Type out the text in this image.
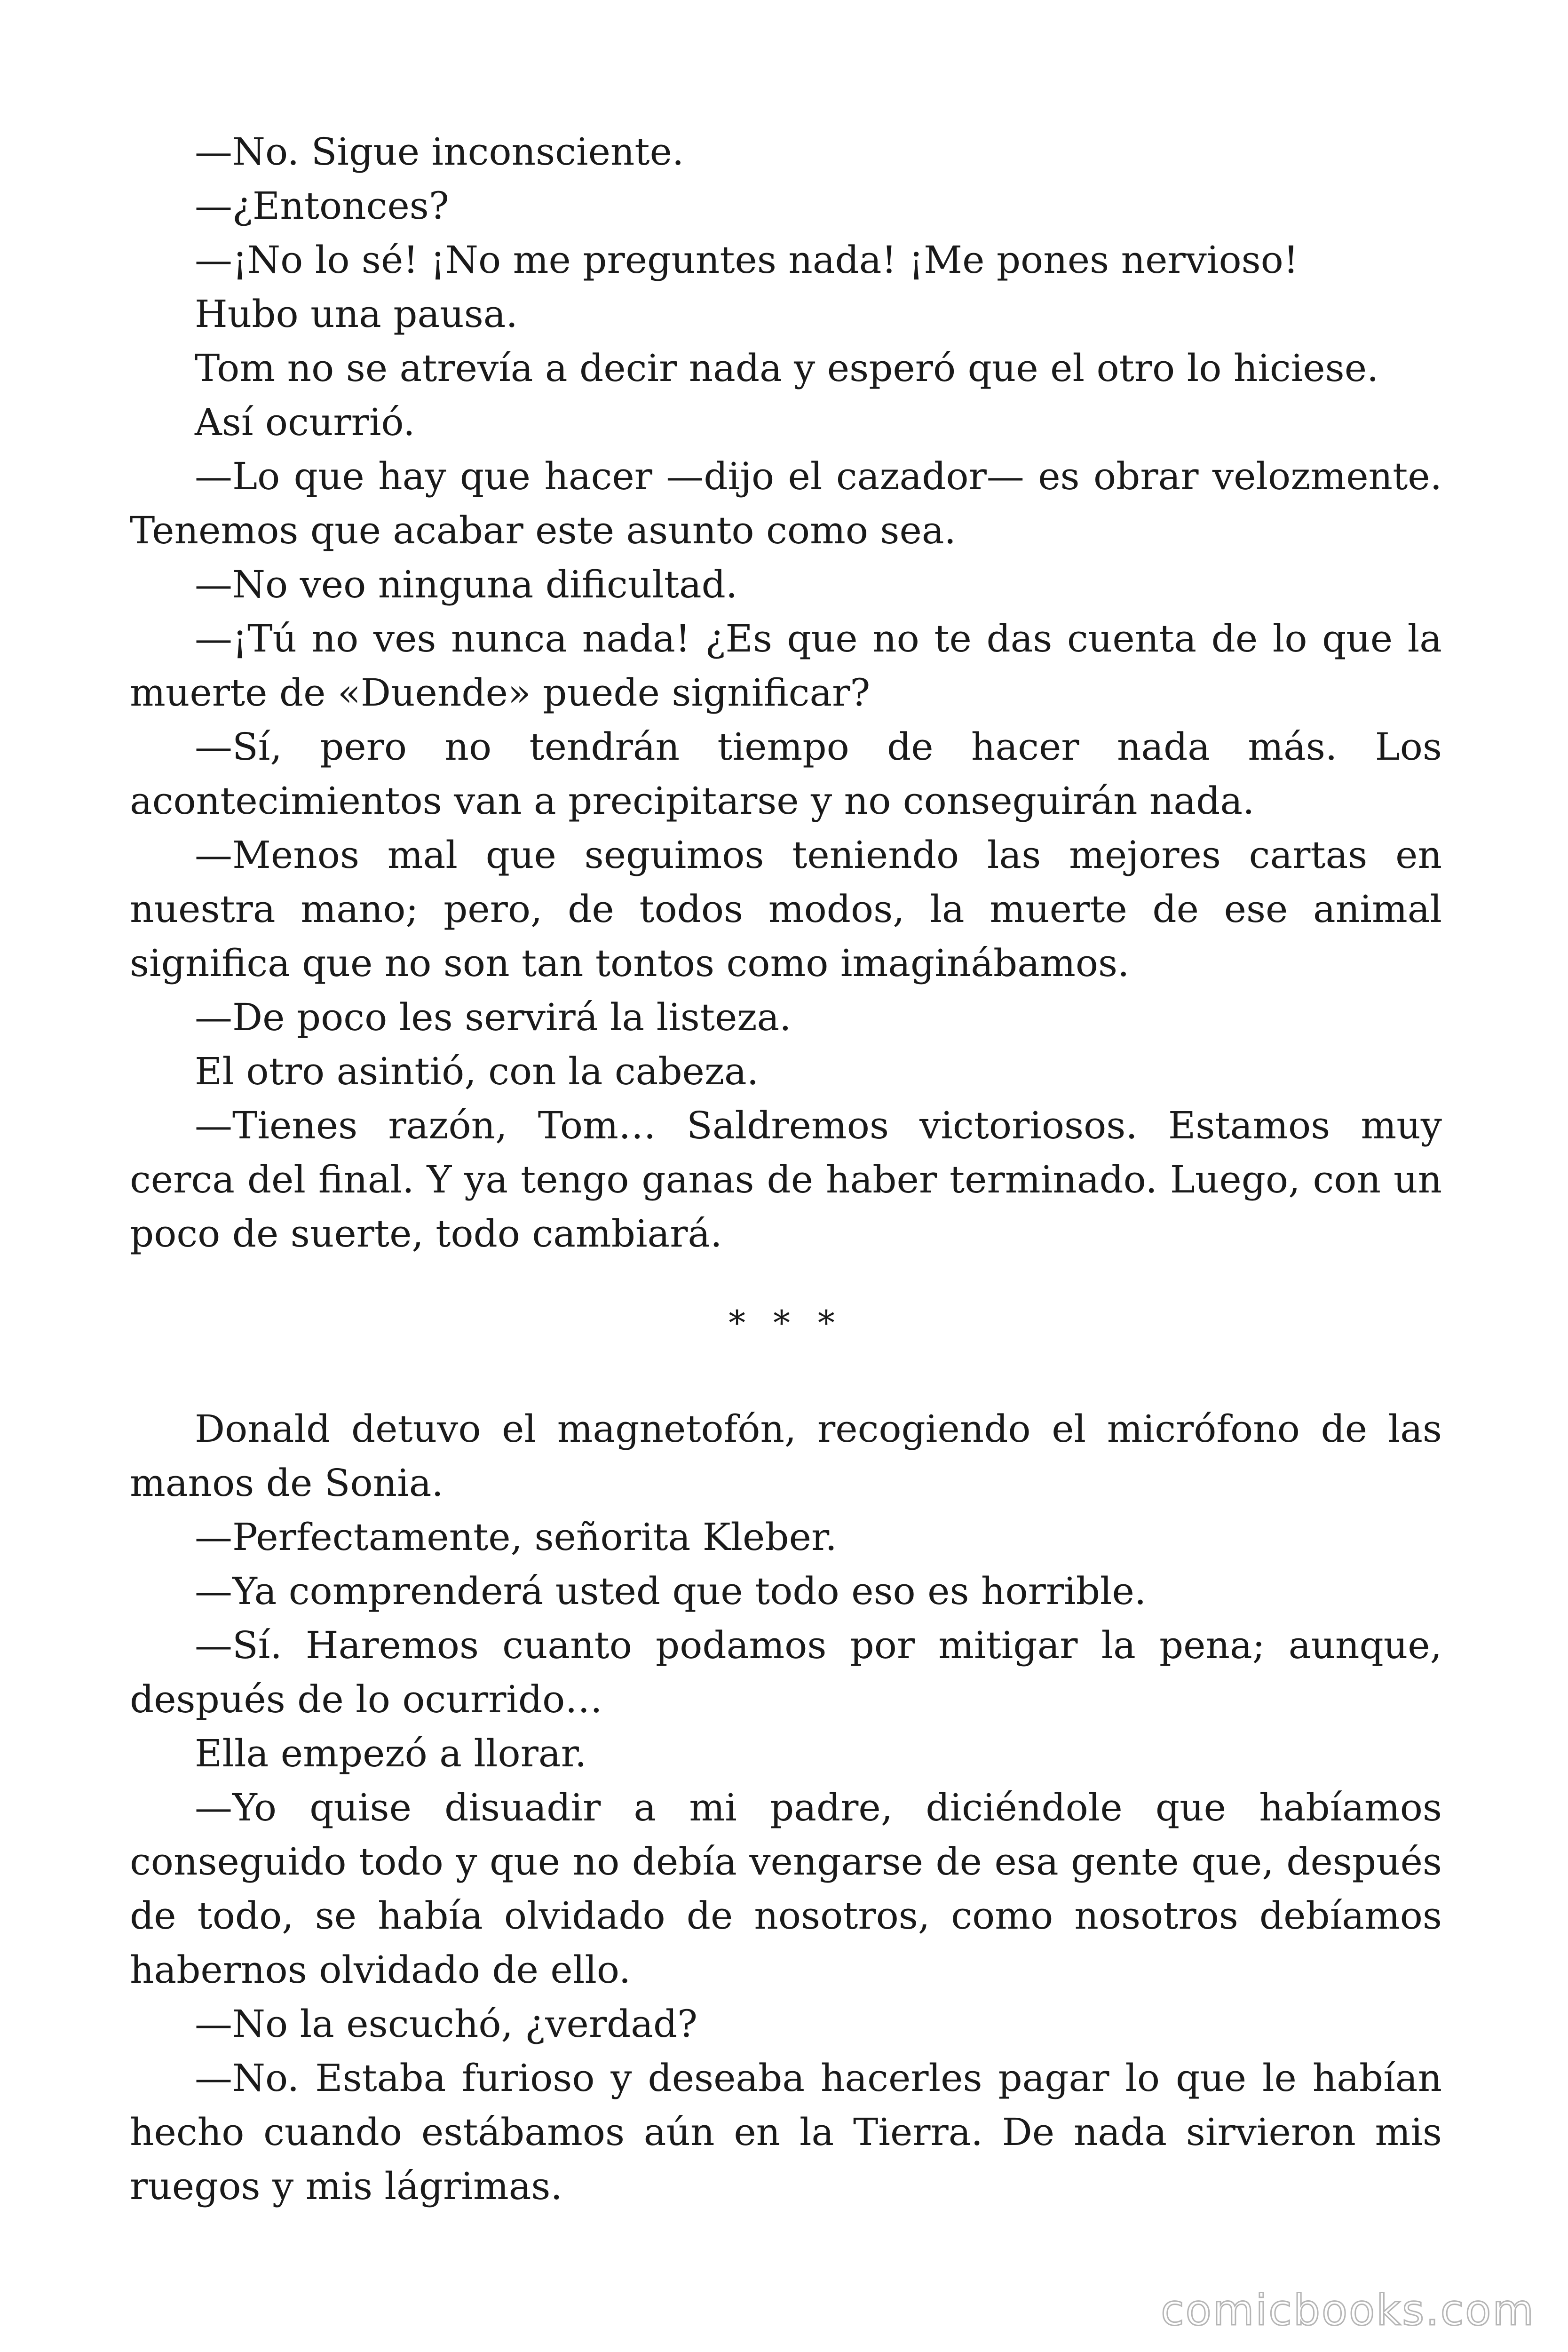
—No. Sigue inconsciente.

—¿Entonces?

—¡No lo sé! ¡No me preguntes nada! ¡Me pones nervioso!

Hubo una pausa.

Tom no se atrevía a decir nada y esperó que el otro lo hiciese.

Así ocurrió.

—Lo que hay que hacer —dijo el cazador— es obrar velozmente. Tenemos que acabar este asunto como sea.

—No veo ninguna dificultad.

—¡Tú no ves nunca nada! ¿Es que no te das cuenta de lo que la muerte de «Duende» puede significar?

—Sí, pero no tendrán tiempo de hacer nada más. Los acontecimientos van a precipitarse y no conseguirán nada.

—Menos mal que seguimos teniendo las mejores cartas en nuestra mano; pero, de todos modos, la muerte de ese animal significa que no son tan tontos como imaginábamos.

—De poco les servirá la listeza.

El otro asintió, con la cabeza.

—Tienes razón, Tom… Saldremos victoriosos. Estamos muy cerca del final. Y ya tengo ganas de haber terminado. Luego, con un poco de suerte, todo cambiará.

* * *

Donald detuvo el magnetofón, recogiendo el micrófono de las manos de Sonia.

—Perfectamente, señorita Kleber.

—Ya comprenderá usted que todo eso es horrible.

—Sí. Haremos cuanto podamos por mitigar la pena; aunque, después de lo ocurrido…

Ella empezó a llorar.

—Yo quise disuadir a mi padre, diciéndole que habíamos conseguido todo y que no debía vengarse de esa gente que, después de todo, se había olvidado de nosotros, como nosotros debíamos habernos olvidado de ello.

—No la escuchó, ¿verdad?

—No. Estaba furioso y deseaba hacerles pagar lo que le habían hecho cuando estábamos aún en la Tierra. De nada sirvieron mis ruegos y mis lágrimas.

comicbooks.com
